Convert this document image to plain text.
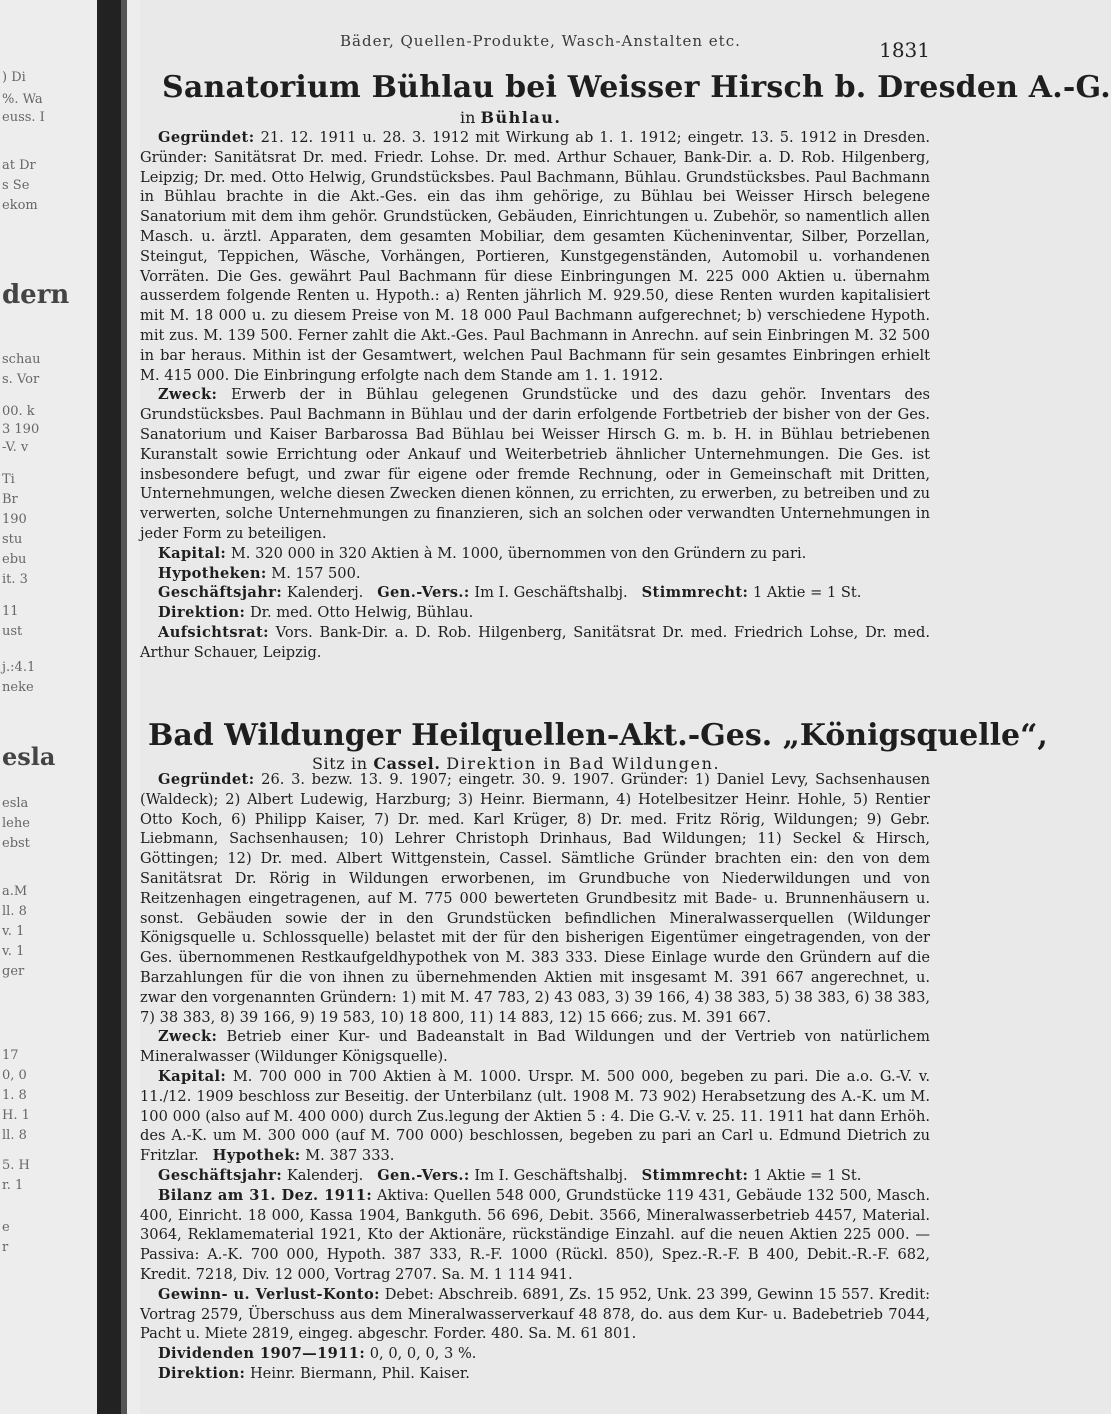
) Di
%. Wa
euss. I
at Dr
s Se
ekom
dern
schau
s. Vor
00. k
3 190
-V. v
Ti
Br
190
stu
ebu
it. 3
11
ust
j.:4.1
neke
esla
esla
lehe
ebst
a.M
ll. 8
v. 1
v. 1
ger
17
0, 0
1. 8
H. 1
ll. 8
5. H
r. 1
e
r
Bäder, Quellen-Produkte, Wasch-Anstalten etc.	1831
Sanatorium Bühlau bei Weisser Hirsch b. Dresden A.-G.
in Bühlau.

Gegründet: 21. 12. 1911 u. 28. 3. 1912 mit Wirkung ab 1. 1. 1912; eingetr. 13. 5. 1912 in Dresden. Gründer: Sanitätsrat Dr. med. Friedr. Lohse. Dr. med. Arthur Schauer, Bank-Dir. a. D. Rob. Hilgenberg, Leipzig; Dr. med. Otto Helwig, Grundstücksbes. Paul Bachmann, Bühlau. Grundstücksbes. Paul Bachmann in Bühlau brachte in die Akt.-Ges. ein das ihm gehörige, zu Bühlau bei Weisser Hirsch belegene Sanatorium mit dem ihm gehör. Grundstücken, Gebäuden, Einrichtungen u. Zubehör, so namentlich allen Masch. u. ärztl. Apparaten, dem gesamten Mobiliar, dem gesamten Kücheninventar, Silber, Porzellan, Steingut, Teppichen, Wäsche, Vorhängen, Portieren, Kunstgegenständen, Automobil u. vorhandenen Vorräten. Die Ges. gewährt Paul Bachmann für diese Einbringungen M. 225 000 Aktien u. übernahm ausserdem folgende Renten u. Hypoth.: a) Renten jährlich M. 929.50, diese Renten wurden kapitalisiert mit M. 18 000 u. zu diesem Preise von M. 18 000 Paul Bachmann aufgerechnet; b) verschiedene Hypoth. mit zus. M. 139 500. Ferner zahlt die Akt.-Ges. Paul Bachmann in Anrechn. auf sein Einbringen M. 32 500 in bar heraus. Mithin ist der Gesamtwert, welchen Paul Bachmann für sein gesamtes Einbringen erhielt M. 415 000. Die Einbringung erfolgte nach dem Stande am 1. 1. 1912.

Zweck: Erwerb der in Bühlau gelegenen Grundstücke und des dazu gehör. Inventars des Grundstücksbes. Paul Bachmann in Bühlau und der darin erfolgende Fortbetrieb der bisher von der Ges. Sanatorium und Kaiser Barbarossa Bad Bühlau bei Weisser Hirsch G. m. b. H. in Bühlau betriebenen Kuranstalt sowie Errichtung oder Ankauf und Weiterbetrieb ähnlicher Unternehmungen. Die Ges. ist insbesondere befugt, und zwar für eigene oder fremde Rechnung, oder in Gemeinschaft mit Dritten, Unternehmungen, welche diesen Zwecken dienen können, zu errichten, zu erwerben, zu betreiben und zu verwerten, solche Unternehmungen zu finanzieren, sich an solchen oder verwandten Unternehmungen in jeder Form zu beteiligen.

Kapital: M. 320 000 in 320 Aktien à M. 1000, übernommen von den Gründern zu pari.

Hypotheken: M. 157 500.

Geschäftsjahr: Kalenderj. Gen.-Vers.: Im I. Geschäftshalbj. Stimmrecht: 1 Aktie = 1 St.

Direktion: Dr. med. Otto Helwig, Bühlau.

Aufsichtsrat: Vors. Bank-Dir. a. D. Rob. Hilgenberg, Sanitätsrat Dr. med. Friedrich Lohse, Dr. med. Arthur Schauer, Leipzig.

Bad Wildunger Heilquellen-Akt.-Ges. „Königsquelle“,
Sitz in Cassel. Direktion in Bad Wildungen.

Gegründet: 26. 3. bezw. 13. 9. 1907; eingetr. 30. 9. 1907. Gründer: 1) Daniel Levy, Sachsenhausen (Waldeck); 2) Albert Ludewig, Harzburg; 3) Heinr. Biermann, 4) Hotelbesitzer Heinr. Hohle, 5) Rentier Otto Koch, 6) Philipp Kaiser, 7) Dr. med. Karl Krüger, 8) Dr. med. Fritz Rörig, Wildungen; 9) Gebr. Liebmann, Sachsenhausen; 10) Lehrer Christoph Drinhaus, Bad Wildungen; 11) Seckel & Hirsch, Göttingen; 12) Dr. med. Albert Wittgenstein, Cassel. Sämtliche Gründer brachten ein: den von dem Sanitätsrat Dr. Rörig in Wildungen erworbenen, im Grundbuche von Niederwildungen und von Reitzenhagen eingetragenen, auf M. 775 000 bewerteten Grundbesitz mit Bade- u. Brunnenhäusern u. sonst. Gebäuden sowie der in den Grundstücken befindlichen Mineralwasserquellen (Wildunger Königsquelle u. Schlossquelle) belastet mit der für den bisherigen Eigentümer eingetragenden, von der Ges. übernommenen Restkaufgeldhypothek von M. 383 333. Diese Einlage wurde den Gründern auf die Barzahlungen für die von ihnen zu übernehmenden Aktien mit insgesamt M. 391 667 angerechnet, u. zwar den vorgenannten Gründern: 1) mit M. 47 783, 2) 43 083, 3) 39 166, 4) 38 383, 5) 38 383, 6) 38 383, 7) 38 383, 8) 39 166, 9) 19 583, 10) 18 800, 11) 14 883, 12) 15 666; zus. M. 391 667.

Zweck: Betrieb einer Kur- und Badeanstalt in Bad Wildungen und der Vertrieb von natürlichem Mineralwasser (Wildunger Königsquelle).

Kapital: M. 700 000 in 700 Aktien à M. 1000. Urspr. M. 500 000, begeben zu pari. Die a.o. G.-V. v. 11./12. 1909 beschloss zur Beseitig. der Unterbilanz (ult. 1908 M. 73 902) Herabsetzung des A.-K. um M. 100 000 (also auf M. 400 000) durch Zus.legung der Aktien 5 : 4. Die G.-V. v. 25. 11. 1911 hat dann Erhöh. des A.-K. um M. 300 000 (auf M. 700 000) beschlossen, begeben zu pari an Carl u. Edmund Dietrich zu Fritzlar. Hypothek: M. 387 333.

Geschäftsjahr: Kalenderj. Gen.-Vers.: Im I. Geschäftshalbj. Stimmrecht: 1 Aktie = 1 St.

Bilanz am 31. Dez. 1911: Aktiva: Quellen 548 000, Grundstücke 119 431, Gebäude 132 500, Masch. 400, Einricht. 18 000, Kassa 1904, Bankguth. 56 696, Debit. 3566, Mineralwasserbetrieb 4457, Material. 3064, Reklamematerial 1921, Kto der Aktionäre, rückständige Einzahl. auf die neuen Aktien 225 000. — Passiva: A.-K. 700 000, Hypoth. 387 333, R.-F. 1000 (Rückl. 850), Spez.-R.-F. B 400, Debit.-R.-F. 682, Kredit. 7218, Div. 12 000, Vortrag 2707. Sa. M. 1 114 941.

Gewinn- u. Verlust-Konto: Debet: Abschreib. 6891, Zs. 15 952, Unk. 23 399, Gewinn 15 557. Kredit: Vortrag 2579, Überschuss aus dem Mineralwasserverkauf 48 878, do. aus dem Kur- u. Badebetrieb 7044, Pacht u. Miete 2819, eingeg. abgeschr. Forder. 480. Sa. M. 61 801.

Dividenden 1907—1911: 0, 0, 0, 0, 3 %.

Direktion: Heinr. Biermann, Phil. Kaiser.
